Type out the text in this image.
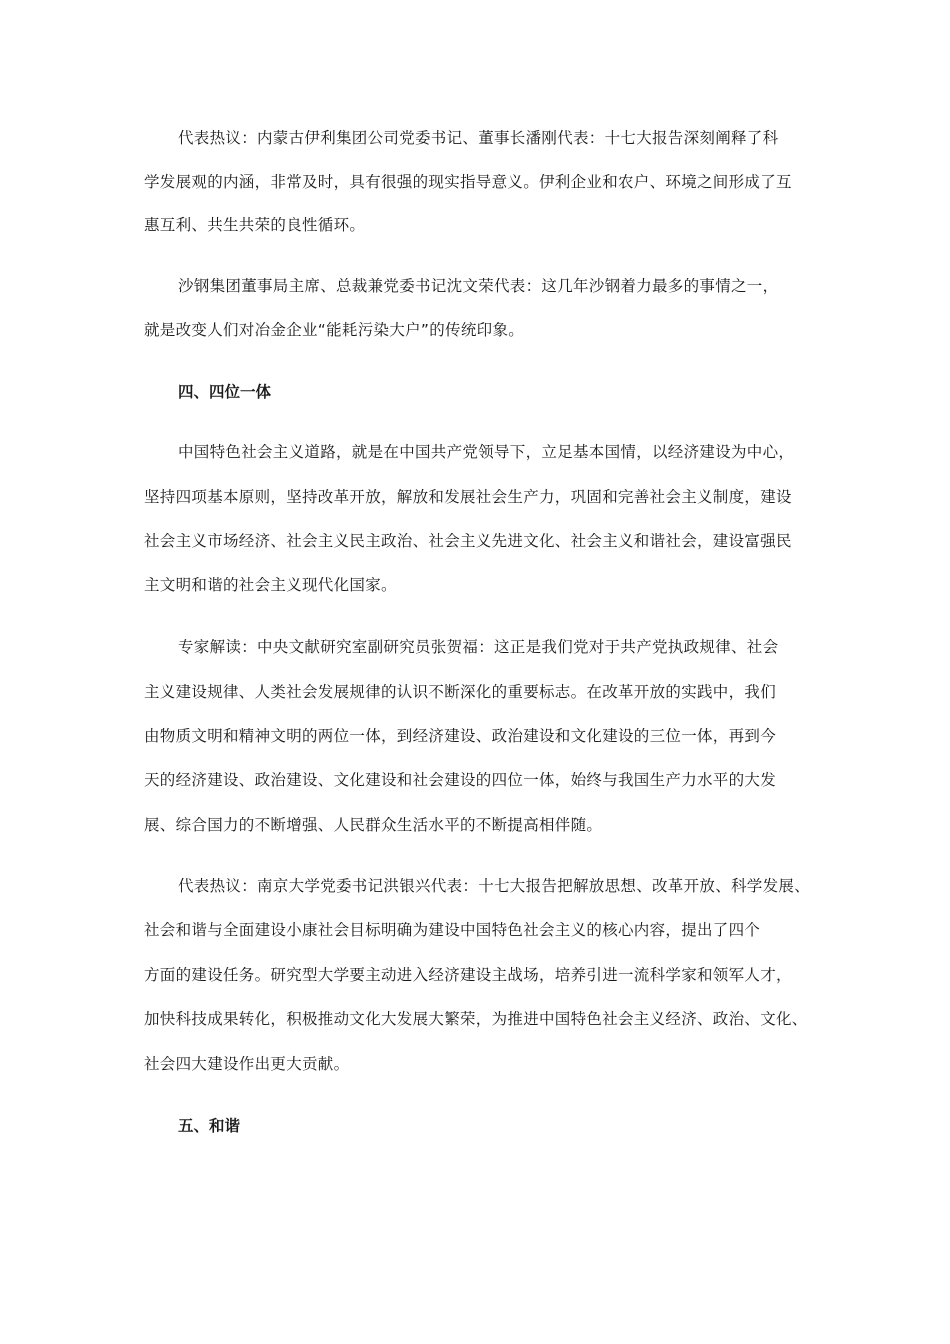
代表热议：内蒙古伊利集团公司党委书记、董事长潘刚代表：十七大报告深刻阐释了科
学发展观的内涵，非常及时，具有很强的现实指导意义。伊利企业和农户、环境之间形成了互
惠互利、共生共荣的良性循环。
沙钢集团董事局主席、总裁兼党委书记沈文荣代表：这几年沙钢着力最多的事情之一，
就是改变人们对冶金企业“能耗污染大户”的传统印象。
四、四位一体
中国特色社会主义道路，就是在中国共产党领导下，立足基本国情，以经济建设为中心，
坚持四项基本原则，坚持改革开放，解放和发展社会生产力，巩固和完善社会主义制度，建设
社会主义市场经济、社会主义民主政治、社会主义先进文化、社会主义和谐社会，建设富强民
主文明和谐的社会主义现代化国家。
专家解读：中央文献研究室副研究员张贺福：这正是我们党对于共产党执政规律、社会
主义建设规律、人类社会发展规律的认识不断深化的重要标志。在改革开放的实践中，我们
由物质文明和精神文明的两位一体，到经济建设、政治建设和文化建设的三位一体，再到今
天的经济建设、政治建设、文化建设和社会建设的四位一体，始终与我国生产力水平的大发
展、综合国力的不断增强、人民群众生活水平的不断提高相伴随。
代表热议：南京大学党委书记洪银兴代表：十七大报告把解放思想、改革开放、科学发展、
社会和谐与全面建设小康社会目标明确为建设中国特色社会主义的核心内容，提出了四个
方面的建设任务。研究型大学要主动进入经济建设主战场，培养引进一流科学家和领军人才，
加快科技成果转化，积极推动文化大发展大繁荣，为推进中国特色社会主义经济、政治、文化、
社会四大建设作出更大贡献。
五、和谐
